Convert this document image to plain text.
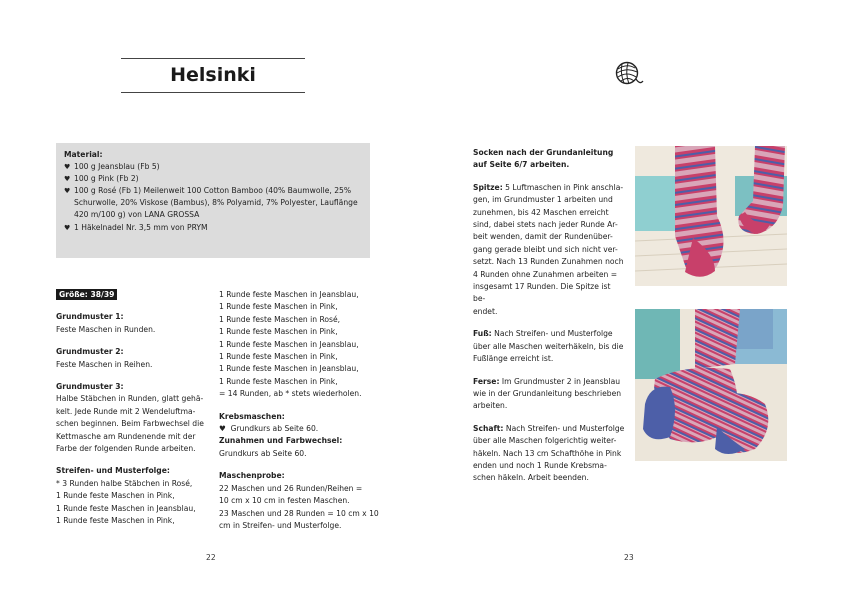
Helsinki
Material:
♥ 100 g Jeansblau (Fb 5)
♥ 100 g Pink (Fb 2)
♥ 100 g Rosé (Fb 1) Meilenweit 100 Cotton Bamboo (40% Baumwolle, 25% Schurwolle, 20% Viskose (Bambus), 8% Polyamid, 7% Polyester, Lauflänge 420 m/100 g) von LANA GROSSA
♥ 1 Häkelnadel Nr. 3,5 mm von PRYM

Größe: 38/39

Grundmuster 1:

Feste Maschen in Runden.

Grundmuster 2:

Feste Maschen in Reihen.

Grundmuster 3:

Halbe Stäbchen in Runden, glatt gehä-

kelt. Jede Runde mit 2 Wendeluftma-

schen beginnen. Beim Farbwechsel die

Kettmasche am Rundenende mit der

Farbe der folgenden Runde arbeiten.

Streifen- und Musterfolge:

* 3 Runden halbe Stäbchen in Rosé,

1 Runde feste Maschen in Pink,

1 Runde feste Maschen in Jeansblau,

1 Runde feste Maschen in Pink,

1 Runde feste Maschen in Jeansblau,

1 Runde feste Maschen in Pink,

1 Runde feste Maschen in Rosé,

1 Runde feste Maschen in Pink,

1 Runde feste Maschen in Jeansblau,

1 Runde feste Maschen in Pink,

1 Runde feste Maschen in Jeansblau,

1 Runde feste Maschen in Pink,

= 14 Runden, ab * stets wiederholen.

Krebsmaschen:

♥  Grundkurs ab Seite 60.

Zunahmen und Farbwechsel:

Grundkurs ab Seite 60.

Maschenprobe:

22 Maschen und 26 Runden/Reihen =

10 cm x 10 cm in festen Maschen.

23 Maschen und 28 Runden = 10 cm x 10

cm in Streifen- und Musterfolge.

Socken nach der Grundanleitung

auf Seite 6/7 arbeiten.

Spitze: 5 Luftmaschen in Pink anschla-

gen, im Grundmuster 1 arbeiten und

zunehmen, bis 42 Maschen erreicht

sind, dabei stets nach jeder Runde Ar-

beit wenden, damit der Rundenüber-

gang gerade bleibt und sich nicht ver-

setzt. Nach 13 Runden Zunahmen noch

4 Runden ohne Zunahmen arbeiten =

insgesamt 17 Runden. Die Spitze ist be-

endet.

Fuß: Nach Streifen- und Musterfolge

über alle Maschen weiterhäkeln, bis die

Fußlänge erreicht ist.

Ferse: Im Grundmuster 2 in Jeansblau

wie in der Grundanleitung beschrieben

arbeiten.

Schaft: Nach Streifen- und Musterfolge

über alle Maschen folgerichtig weiter-

häkeln. Nach 13 cm Schafthöhe in Pink

enden und noch 1 Runde Krebsma-

schen häkeln. Arbeit beenden.

22	23
